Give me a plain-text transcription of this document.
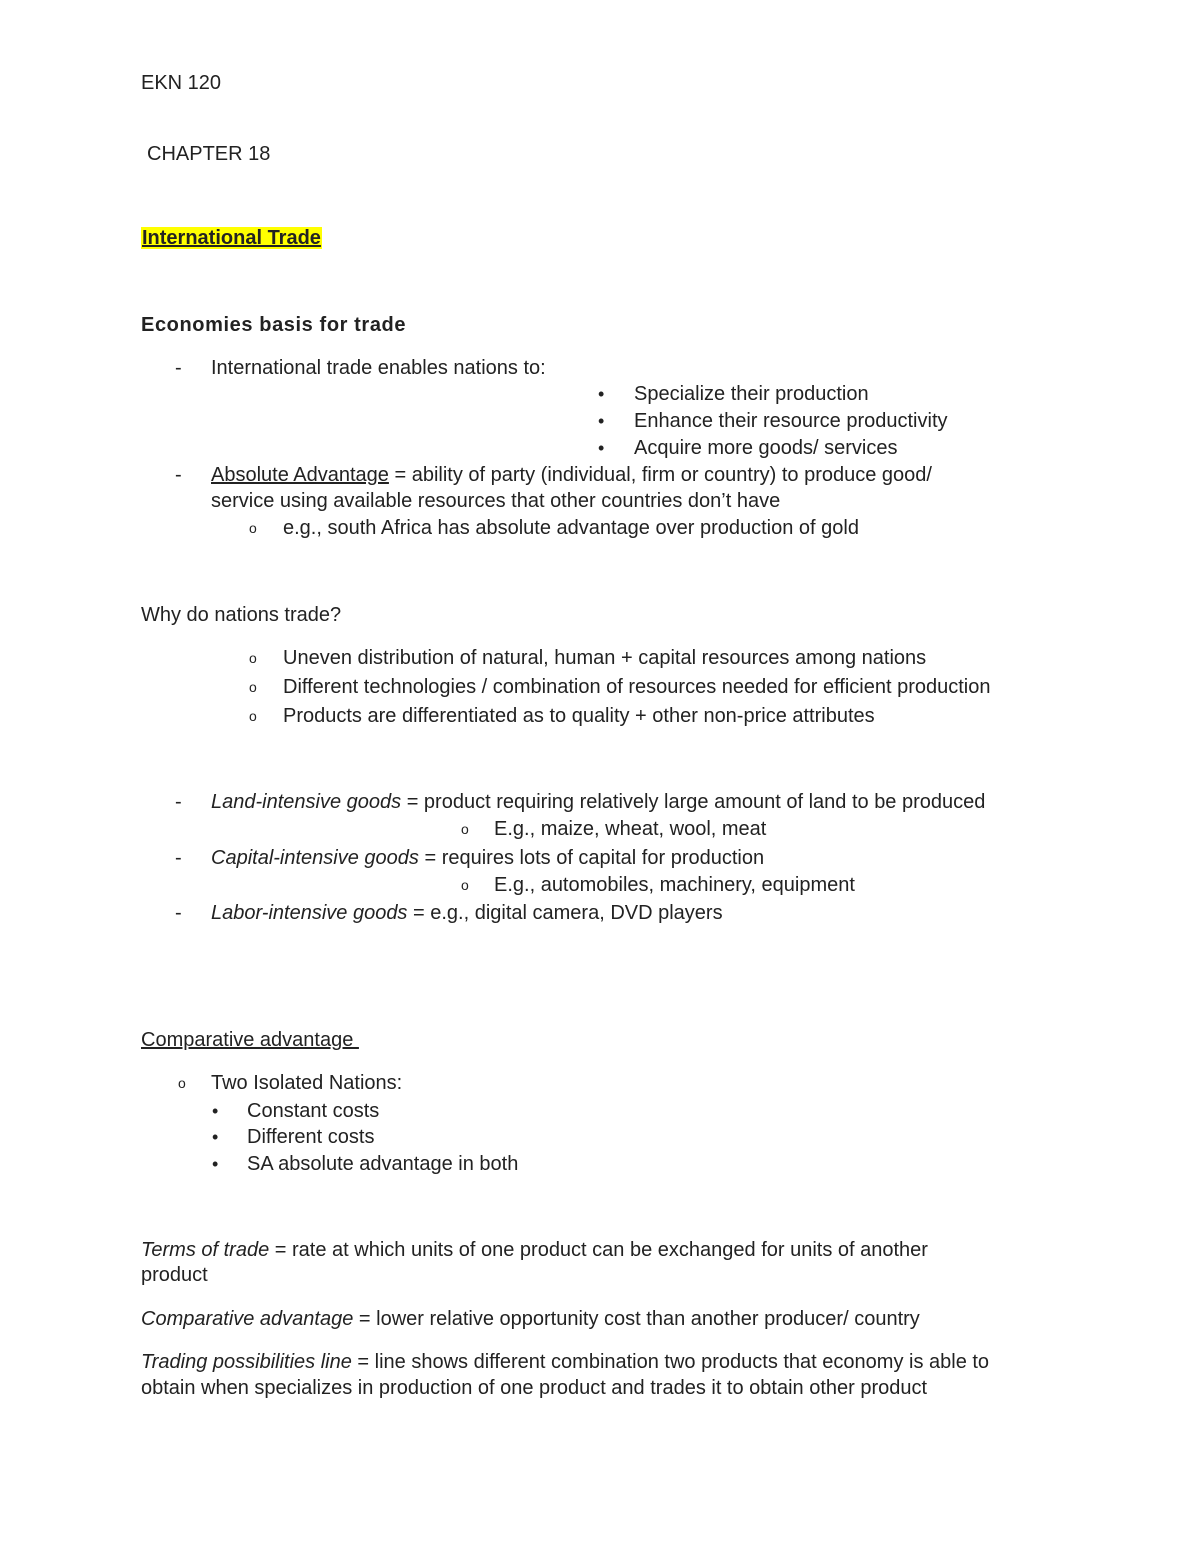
EKN 120
CHAPTER 18
International Trade
Economies basis for trade
- International trade enables nations to:
• Specialize their production
• Enhance their resource productivity
• Acquire more goods/ services
- Absolute Advantage = ability of party (individual, firm or country) to produce good/
service using available resources that other countries don’t have
o e.g., south Africa has absolute advantage over production of gold
Why do nations trade?
o Uneven distribution of natural, human + capital resources among nations
o Different technologies / combination of resources needed for efficient production
o Products are differentiated as to quality + other non-price attributes
- Land-intensive goods = product requiring relatively large amount of land to be produced
o E.g., maize, wheat, wool, meat
- Capital-intensive goods = requires lots of capital for production
o E.g., automobiles, machinery, equipment
- Labor-intensive goods = e.g., digital camera, DVD players
Comparative advantage
o Two Isolated Nations:
• Constant costs
• Different costs
• SA absolute advantage in both
Terms of trade = rate at which units of one product can be exchanged for units of another
product
Comparative advantage = lower relative opportunity cost than another producer/ country
Trading possibilities line = line shows different combination two products that economy is able to
obtain when specializes in production of one product and trades it to obtain other product
